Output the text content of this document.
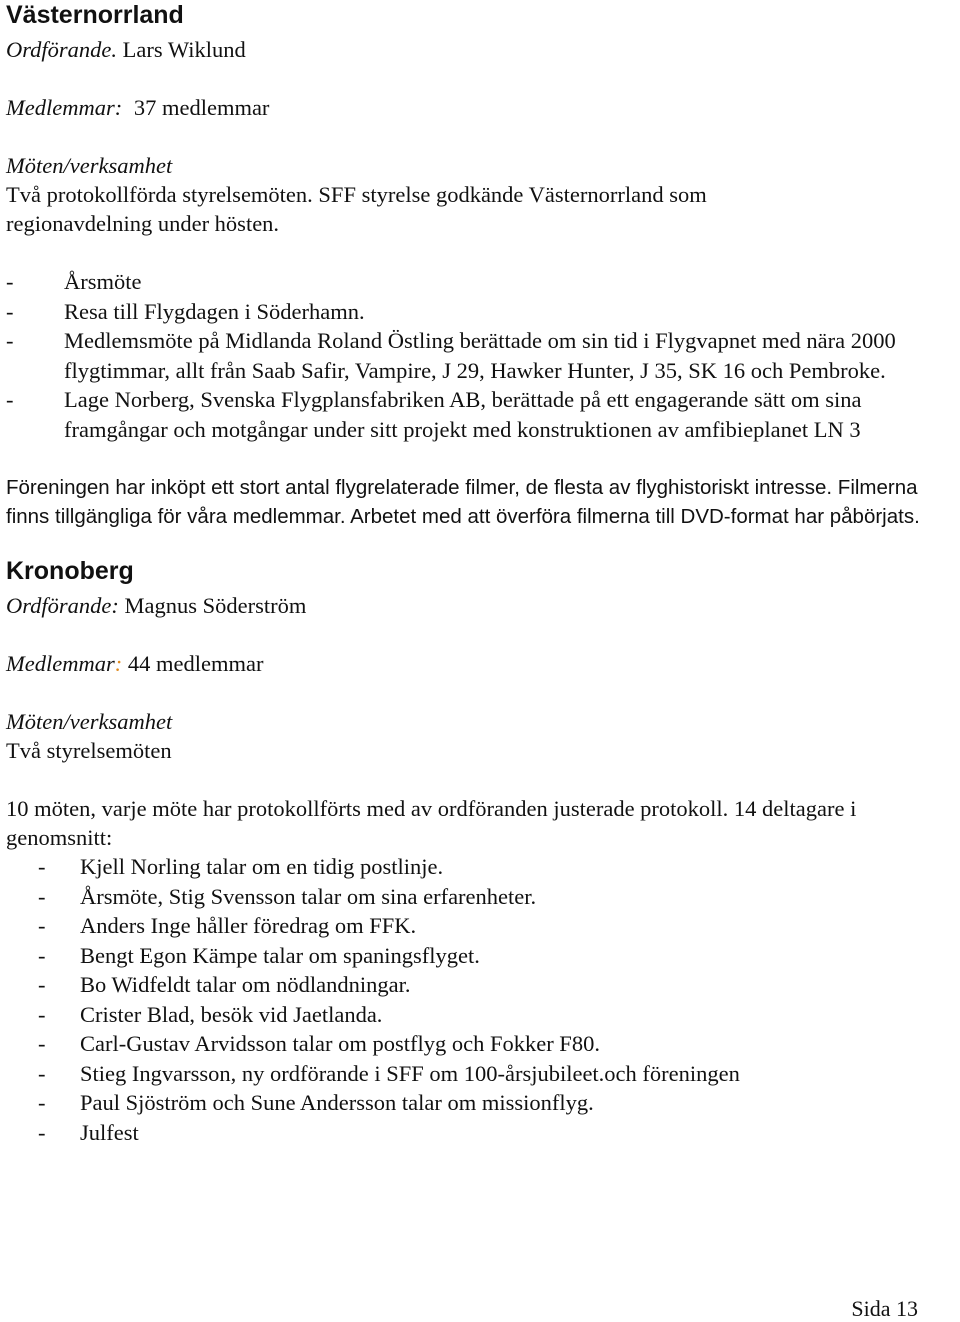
Västernorrland

Ordförande. Lars Wiklund

Medlemmar: 37 medlemmar

Möten/verksamhet

Två protokollförda styrelsemöten. SFF styrelse godkände Västernorrland som regionavdelning under hösten.

- Årsmöte
- Resa till Flygdagen i Söderhamn.
- Medlemsmöte på Midlanda Roland Östling berättade om sin tid i Flygvapnet med nära 2000 flygtimmar, allt från Saab Safir, Vampire, J 29, Hawker Hunter, J 35, SK 16 och Pembroke.
- Lage Norberg, Svenska Flygplansfabriken AB, berättade på ett engagerande sätt om sina framgångar och motgångar under sitt projekt med konstruktionen av amfibieplanet LN 3

Föreningen har inköpt ett stort antal flygrelaterade filmer, de flesta av flyghistoriskt intresse. Filmerna finns tillgängliga för våra medlemmar. Arbetet med att överföra filmerna till DVD-format har påbörjats.

Kronoberg

Ordförande: Magnus Söderström

Medlemmar: 44 medlemmar

Möten/verksamhet

Två styrelsemöten

10 möten, varje möte har protokollförts med av ordföranden justerade protokoll. 14 deltagare i genomsnitt:

- Kjell Norling talar om en tidig postlinje.
- Årsmöte, Stig Svensson talar om sina erfarenheter.
- Anders Inge håller föredrag om FFK.
- Bengt Egon Kämpe talar om spaningsflyget.
- Bo Widfeldt talar om nödlandningar.
- Crister Blad, besök vid Jaetlanda.
- Carl-Gustav Arvidsson talar om postflyg och Fokker F80.
- Stieg Ingvarsson, ny ordförande i SFF om 100-årsjubileet.och föreningen
- Paul Sjöström och Sune Andersson talar om missionflyg.
- Julfest
Sida 13
